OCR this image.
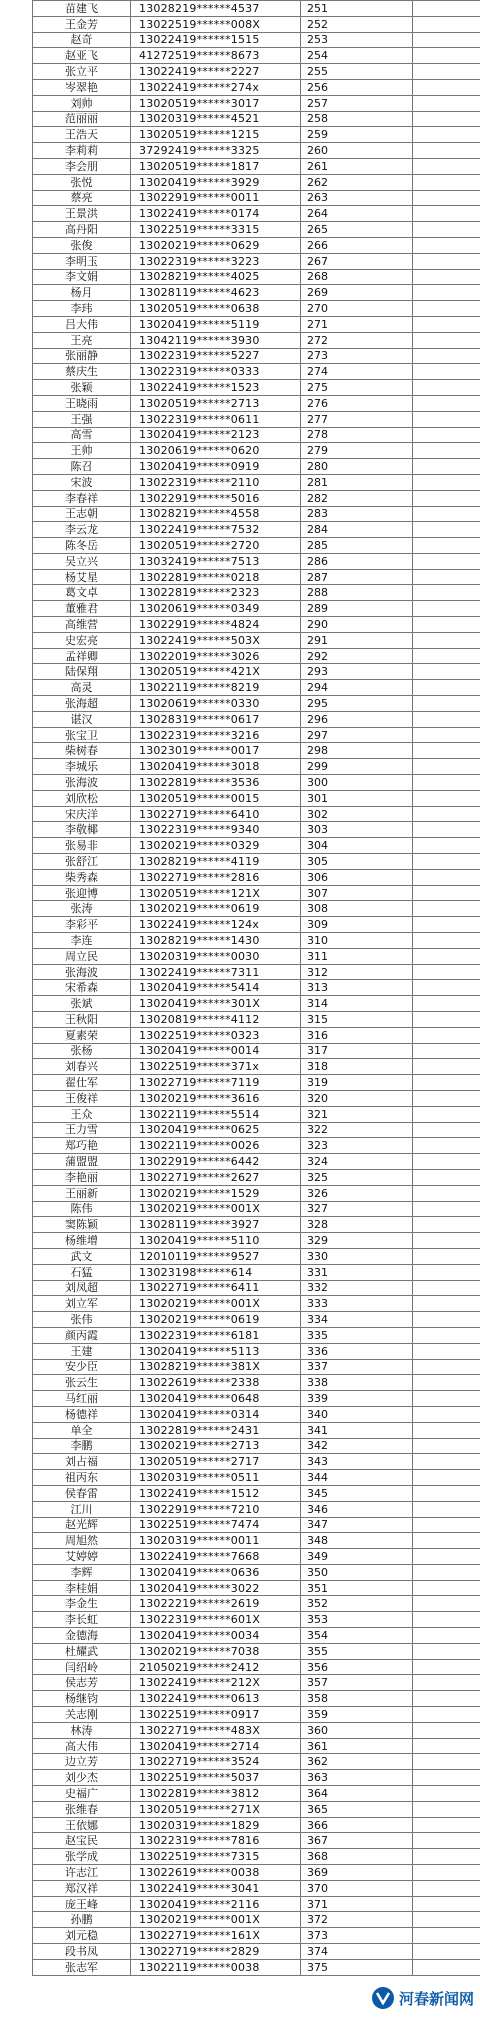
苗建飞	13028219******4537	251	
王金芳	13022519******008X	252	
赵奇	13022419******1515	253	
赵亚飞	41272519******8673	254	
张立平	13022419******2227	255	
岑翠艳	13022419******274x	256	
刘帅	13020519******3017	257	
范丽丽	13020319******4521	258	
王浩天	13020519******1215	259	
李莉莉	37292419******3325	260	
李会朋	13020519******1817	261	
张悦	13020419******3929	262	
蔡亮	13022919******0011	263	
王景洪	13022419******0174	264	
高丹阳	13022519******3315	265	
张俊	13020219******0629	266	
李明玉	13022319******3223	267	
李文娟	13028219******4025	268	
杨月	13028119******4623	269	
李玮	13020519******0638	270	
吕大伟	13020419******5119	271	
王亮	13042119******3930	272	
张丽静	13022319******5227	273	
蔡庆生	13022319******0333	274	
张颖	13022419******1523	275	
王晓雨	13020519******2713	276	
王强	13022319******0611	277	
高雪	13020419******2123	278	
王帅	13020619******0620	279	
陈召	13020419******0919	280	
宋波	13022319******2110	281	
李春祥	13022919******5016	282	
王志朝	13028219******4558	283	
李云龙	13022419******7532	284	
陈冬岳	13020519******2720	285	
吴立兴	13032419******7513	286	
杨艾星	13022819******0218	287	
葛文卓	13022819******2323	288	
董雅君	13020619******0349	289	
高维营	13022919******4824	290	
史宏亮	13022419******503X	291	
孟祥卿	13022019******3026	292	
陆保翔	13020519******421X	293	
高灵	13022119******8219	294	
张海超	13020619******0330	295	
谌汉	13028319******0617	296	
张宝卫	13022319******3216	297	
柴树春	13023019******0017	298	
李城乐	13020419******3018	299	
张海波	13022819******3536	300	
刘欣松	13020519******0015	301	
宋庆洋	13022719******6410	302	
李敬椰	13022319******9340	303	
张易非	13020219******0329	304	
张舒江	13028219******4119	305	
柴秀森	13022719******2816	306	
张迎博	13020519******121X	307	
张涛	13020219******0619	308	
李彩平	13022419******124x	309	
李连	13028219******1430	310	
周立民	13020319******0030	311	
张海波	13022419******7311	312	
宋希森	13020419******5414	313	
张斌	13020419******301X	314	
王秋阳	13020819******4112	315	
夏素荣	13022519******0323	316	
张杨	13020419******0014	317	
刘春兴	13022519******371x	318	
翟仕军	13022719******7119	319	
王俊祥	13020219******3616	320	
王众	13022119******5514	321	
王力雪	13020419******0625	322	
郑巧艳	13022119******0026	323	
蒲盟盟	13022919******6442	324	
李艳丽	13022719******2627	325	
王丽新	13020219******1529	326	
陈伟	13020219******001X	327	
窦陈颖	13028119******3927	328	
杨维增	13020419******5110	329	
武文	12010119******9527	330	
石猛	13023198******614	331	
刘凤超	13022719******6411	332	
刘立军	13020219******001X	333	
张伟	13020219******0619	334	
颜丙霞	13022319******6181	335	
王建	13020419******5113	336	
安少臣	13028219******381X	337	
张云生	13022619******2338	338	
马红丽	13020419******0648	339	
杨德祥	13020419******0314	340	
单全	13022819******2431	341	
李鹏	13020219******2713	342	
刘占福	13020519******2717	343	
祖丙东	13020319******0511	344	
侯春雷	13022419******1512	345	
江川	13022919******7210	346	
赵光辉	13022519******7474	347	
周旭然	13020319******0011	348	
艾婷婷	13022419******7668	349	
李辉	13020419******0636	350	
李桂娟	13020419******3022	351	
李金生	13022219******2619	352	
李长虹	13022319******601X	353	
金德海	13020419******0034	354	
杜耀武	13020219******7038	355	
闫绍岭	21050219******2412	356	
侯志芳	13022419******212X	357	
杨继钧	13022419******0613	358	
关志刚	13022519******0917	359	
林涛	13022719******483X	360	
高大伟	13020419******2714	361	
边立芳	13022719******3524	362	
刘少杰	13022519******5037	363	
史福广	13022819******3812	364	
张维春	13020519******271X	365	
王依娜	13020319******1829	366	
赵宝民	13022319******7816	367	
张学成	13022519******7315	368	
许志江	13022619******0038	369	
郑汉祥	13022419******3041	370	
庞王峰	13020419******2116	371	
孙鹏	13020219******001X	372	
刘元稳	13022719******161X	373	
段书凤	13022719******2829	374	
张志军	13022119******0038	375	
河春新闻网
